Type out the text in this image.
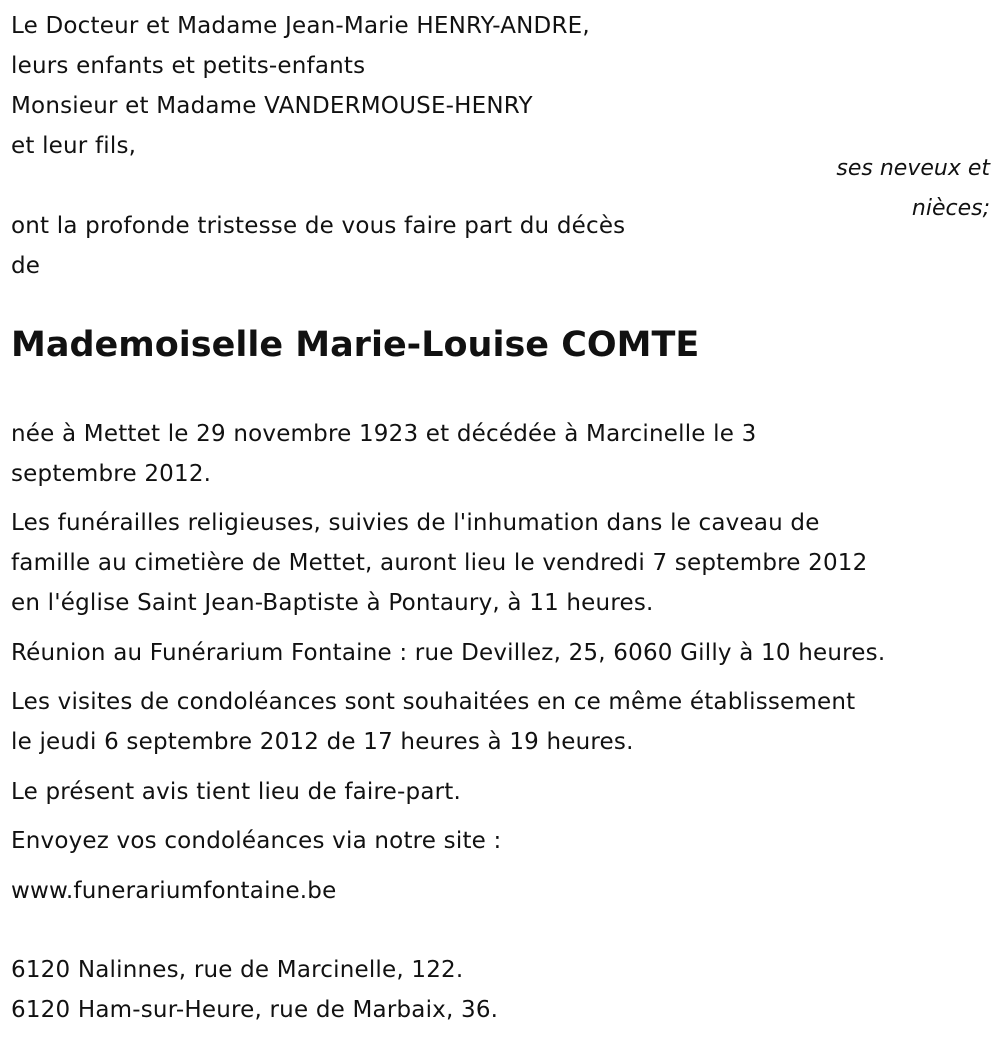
Le Docteur et Madame Jean-Marie HENRY-ANDRE,
leurs enfants et petits-enfants
Monsieur et Madame VANDERMOUSE-HENRY
et leur fils,
ses neveux et
nièces;
ont la profonde tristesse de vous faire part du décès
de
Mademoiselle Marie-Louise COMTE
née à Mettet le 29 novembre 1923 et décédée à Marcinelle le 3
septembre 2012.
Les funérailles religieuses, suivies de l'inhumation dans le caveau de
famille au cimetière de Mettet, auront lieu le vendredi 7 septembre 2012
en l'église Saint Jean-Baptiste à Pontaury, à 11 heures.
Réunion au Funérarium Fontaine : rue Devillez, 25, 6060 Gilly à 10 heures.
Les visites de condoléances sont souhaitées en ce même établissement
le jeudi 6 septembre 2012 de 17 heures à 19 heures.
Le présent avis tient lieu de faire-part.
Envoyez vos condoléances via notre site :
www.funerariumfontaine.be
6120 Nalinnes, rue de Marcinelle, 122.
6120 Ham-sur-Heure, rue de Marbaix, 36.
